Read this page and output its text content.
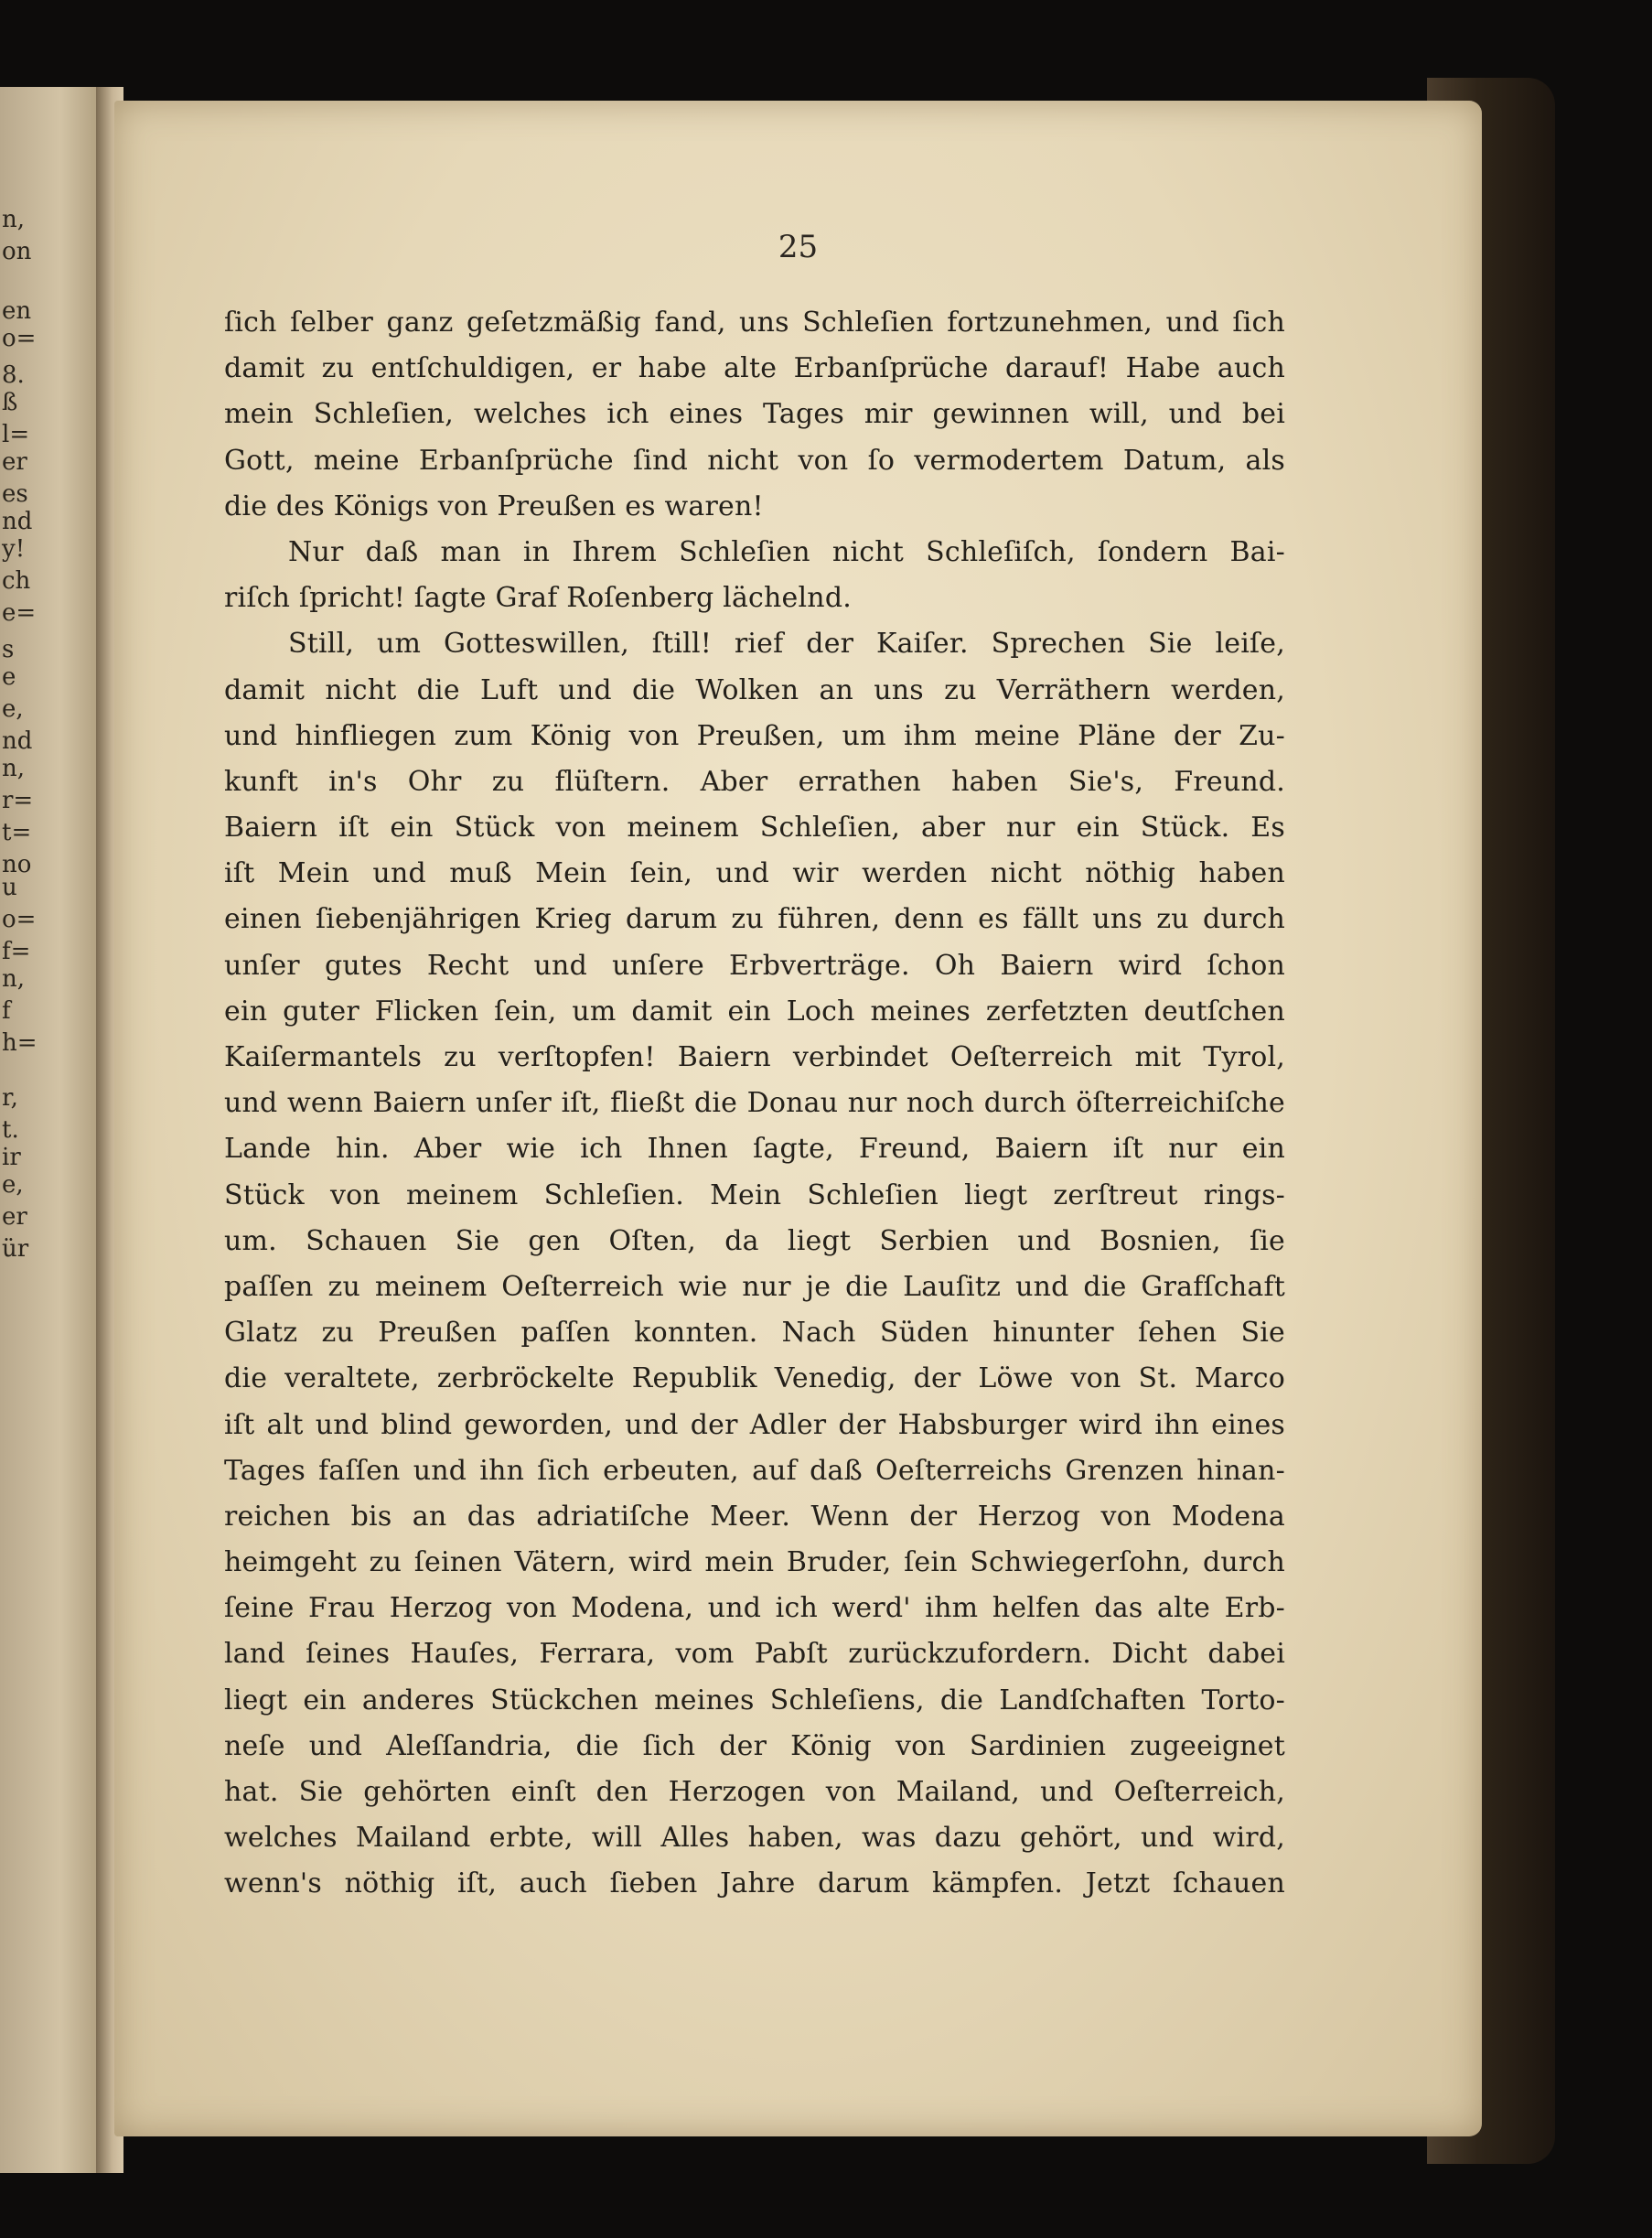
n,
on
en
o=
8.
ß
l=
er
es
nd
y!
ch
e=
s
e
e,
nd
n,
r=
t=
no
u
o=
f=
n,
f
h=
r,
t.
ir
e,
er
ür
25
ſich ſelber ganz geſetzmäßig fand, uns Schleſien fortzunehmen, und ſich
damit zu entſchuldigen, er habe alte Erbanſprüche darauf! Habe auch
mein Schleſien, welches ich eines Tages mir gewinnen will, und bei
Gott, meine Erbanſprüche ſind nicht von ſo vermodertem Datum, als
die des Königs von Preußen es waren!
Nur daß man in Ihrem Schleſien nicht Schleſiſch, ſondern Bai-
riſch ſpricht! ſagte Graf Roſenberg lächelnd.
Still, um Gotteswillen, ſtill! rief der Kaiſer. Sprechen Sie leiſe,
damit nicht die Luft und die Wolken an uns zu Verräthern werden,
und hinfliegen zum König von Preußen, um ihm meine Pläne der Zu-
kunft in's Ohr zu flüſtern. Aber errathen haben Sie's, Freund.
Baiern iſt ein Stück von meinem Schleſien, aber nur ein Stück. Es
iſt Mein und muß Mein ſein, und wir werden nicht nöthig haben
einen ſiebenjährigen Krieg darum zu führen, denn es fällt uns zu durch
unſer gutes Recht und unſere Erbverträge. Oh Baiern wird ſchon
ein guter Flicken ſein, um damit ein Loch meines zerfetzten deutſchen
Kaiſermantels zu verſtopfen! Baiern verbindet Oeſterreich mit Tyrol,
und wenn Baiern unſer iſt, fließt die Donau nur noch durch öſterreichiſche
Lande hin. Aber wie ich Ihnen ſagte, Freund, Baiern iſt nur ein
Stück von meinem Schleſien. Mein Schleſien liegt zerſtreut rings-
um. Schauen Sie gen Oſten, da liegt Serbien und Bosnien, ſie
paſſen zu meinem Oeſterreich wie nur je die Lauſitz und die Grafſchaft
Glatz zu Preußen paſſen konnten. Nach Süden hinunter ſehen Sie
die veraltete, zerbröckelte Republik Venedig, der Löwe von St. Marco
iſt alt und blind geworden, und der Adler der Habsburger wird ihn eines
Tages faſſen und ihn ſich erbeuten, auf daß Oeſterreichs Grenzen hinan-
reichen bis an das adriatiſche Meer. Wenn der Herzog von Modena
heimgeht zu ſeinen Vätern, wird mein Bruder, ſein Schwiegerſohn, durch
ſeine Frau Herzog von Modena, und ich werd' ihm helfen das alte Erb-
land ſeines Hauſes, Ferrara, vom Pabſt zurückzufordern. Dicht dabei
liegt ein anderes Stückchen meines Schleſiens, die Landſchaften Torto-
neſe und Aleſſandria, die ſich der König von Sardinien zugeeignet
hat. Sie gehörten einſt den Herzogen von Mailand, und Oeſterreich,
welches Mailand erbte, will Alles haben, was dazu gehört, und wird,
wenn's nöthig iſt, auch ſieben Jahre darum kämpfen. Jetzt ſchauen
